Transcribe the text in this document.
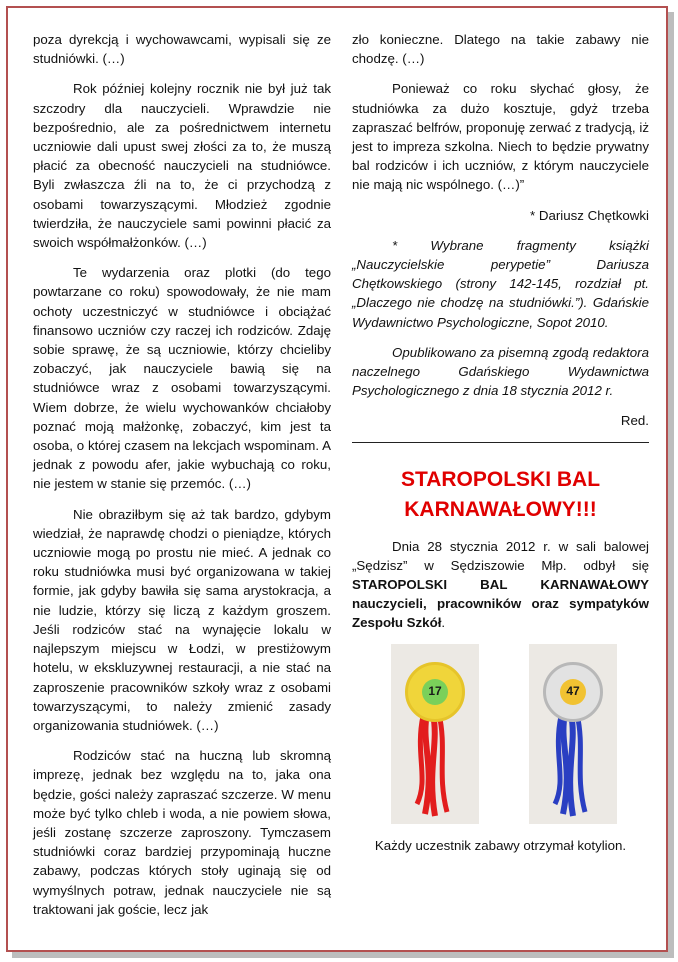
poza dyrekcją i wychowawcami, wypisali się ze studniówki. (…)

Rok później kolejny rocznik nie był już tak szczodry dla nauczycieli. Wprawdzie nie bezpośrednio, ale za pośrednictwem internetu uczniowie dali upust swej złości za to, że muszą płacić za obecność nauczycieli na studniówce. Byli zwłaszcza źli na to, że ci przychodzą z osobami towarzyszącymi. Młodzież zgodnie twierdziła, że nauczyciele sami powinni płacić za swoich współmałżonków. (…)

Te wydarzenia oraz plotki (do tego powtarzane co roku) spowodowały, że nie mam ochoty uczestniczyć w studniówce i obciążać finansowo uczniów czy raczej ich rodziców. Zdaję sobie sprawę, że są uczniowie, którzy chcieliby zobaczyć, jak nauczyciele bawią się na studniówce wraz z osobami towarzyszącymi. Wiem dobrze, że wielu wychowanków chciałoby poznać moją małżonkę, zobaczyć, kim jest ta osoba, o której czasem na lekcjach wspominam. A jednak z powodu afer, jakie wybuchają co roku, nie jestem w stanie się przemóc. (…)

Nie obraziłbym się aż tak bardzo, gdybym wiedział, że naprawdę chodzi o pieniądze, których uczniowie mogą po prostu nie mieć. A jednak co roku studniówka musi być organizowana w takiej formie, jak gdyby bawiła się sama arystokracja, a nie ludzie, którzy się liczą z każdym groszem. Jeśli rodziców stać na wynajęcie lokalu w najlepszym miejscu w Łodzi, w prestiżowym hotelu, w ekskluzywnej restauracji, a nie stać na zaproszenie pracowników szkoły wraz z osobami towarzyszącymi, to należy zmienić zasady organizowania studniówek. (…)

Rodziców stać na huczną lub skromną imprezę, jednak bez względu na to, jaka ona będzie, gości należy zapraszać szczerze. W menu może być tylko chleb i woda, a nie powiem słowa, jeśli zostanę szczerze zaproszony. Tymczasem studniówki coraz bardziej przypominają huczne zabawy, podczas których stoły uginają się od wymyślnych potraw, jednak nauczyciele nie są traktowani jak goście, lecz jak

zło konieczne. Dlatego na takie zabawy nie chodzę. (…)

Ponieważ co roku słychać głosy, że studniówka za dużo kosztuje, gdyż trzeba zapraszać belfrów, proponuję zerwać z tradycją, iż jest to impreza szkolna. Niech to będzie prywatny bal rodziców i ich uczniów, z którym nauczyciele nie mają nic wspólnego. (…)”

* Dariusz Chętkowki

* Wybrane fragmenty książki „Nauczycielskie perypetie” Dariusza Chętkowskiego (strony 142-145, rozdział pt. „Dlaczego nie chodzę na studniówki.”). Gdańskie Wydawnictwo Psychologiczne, Sopot 2010.

Opublikowano za pisemną zgodą redaktora naczelnego Gdańskiego Wydawnictwa Psychologicznego z dnia 18 stycznia 2012 r.

Red.

STAROPOLSKI BAL
KARNAWAŁOWY!!!

Dnia 28 stycznia 2012 r. w sali balowej „Sędzisz” w Sędziszowie Młp. odbył się STAROPOLSKI BAL KARNAWAŁOWY nauczycieli, pracowników oraz sympatyków Zespołu Szkół.

17	47
Każdy uczestnik zabawy otrzymał kotylion.
